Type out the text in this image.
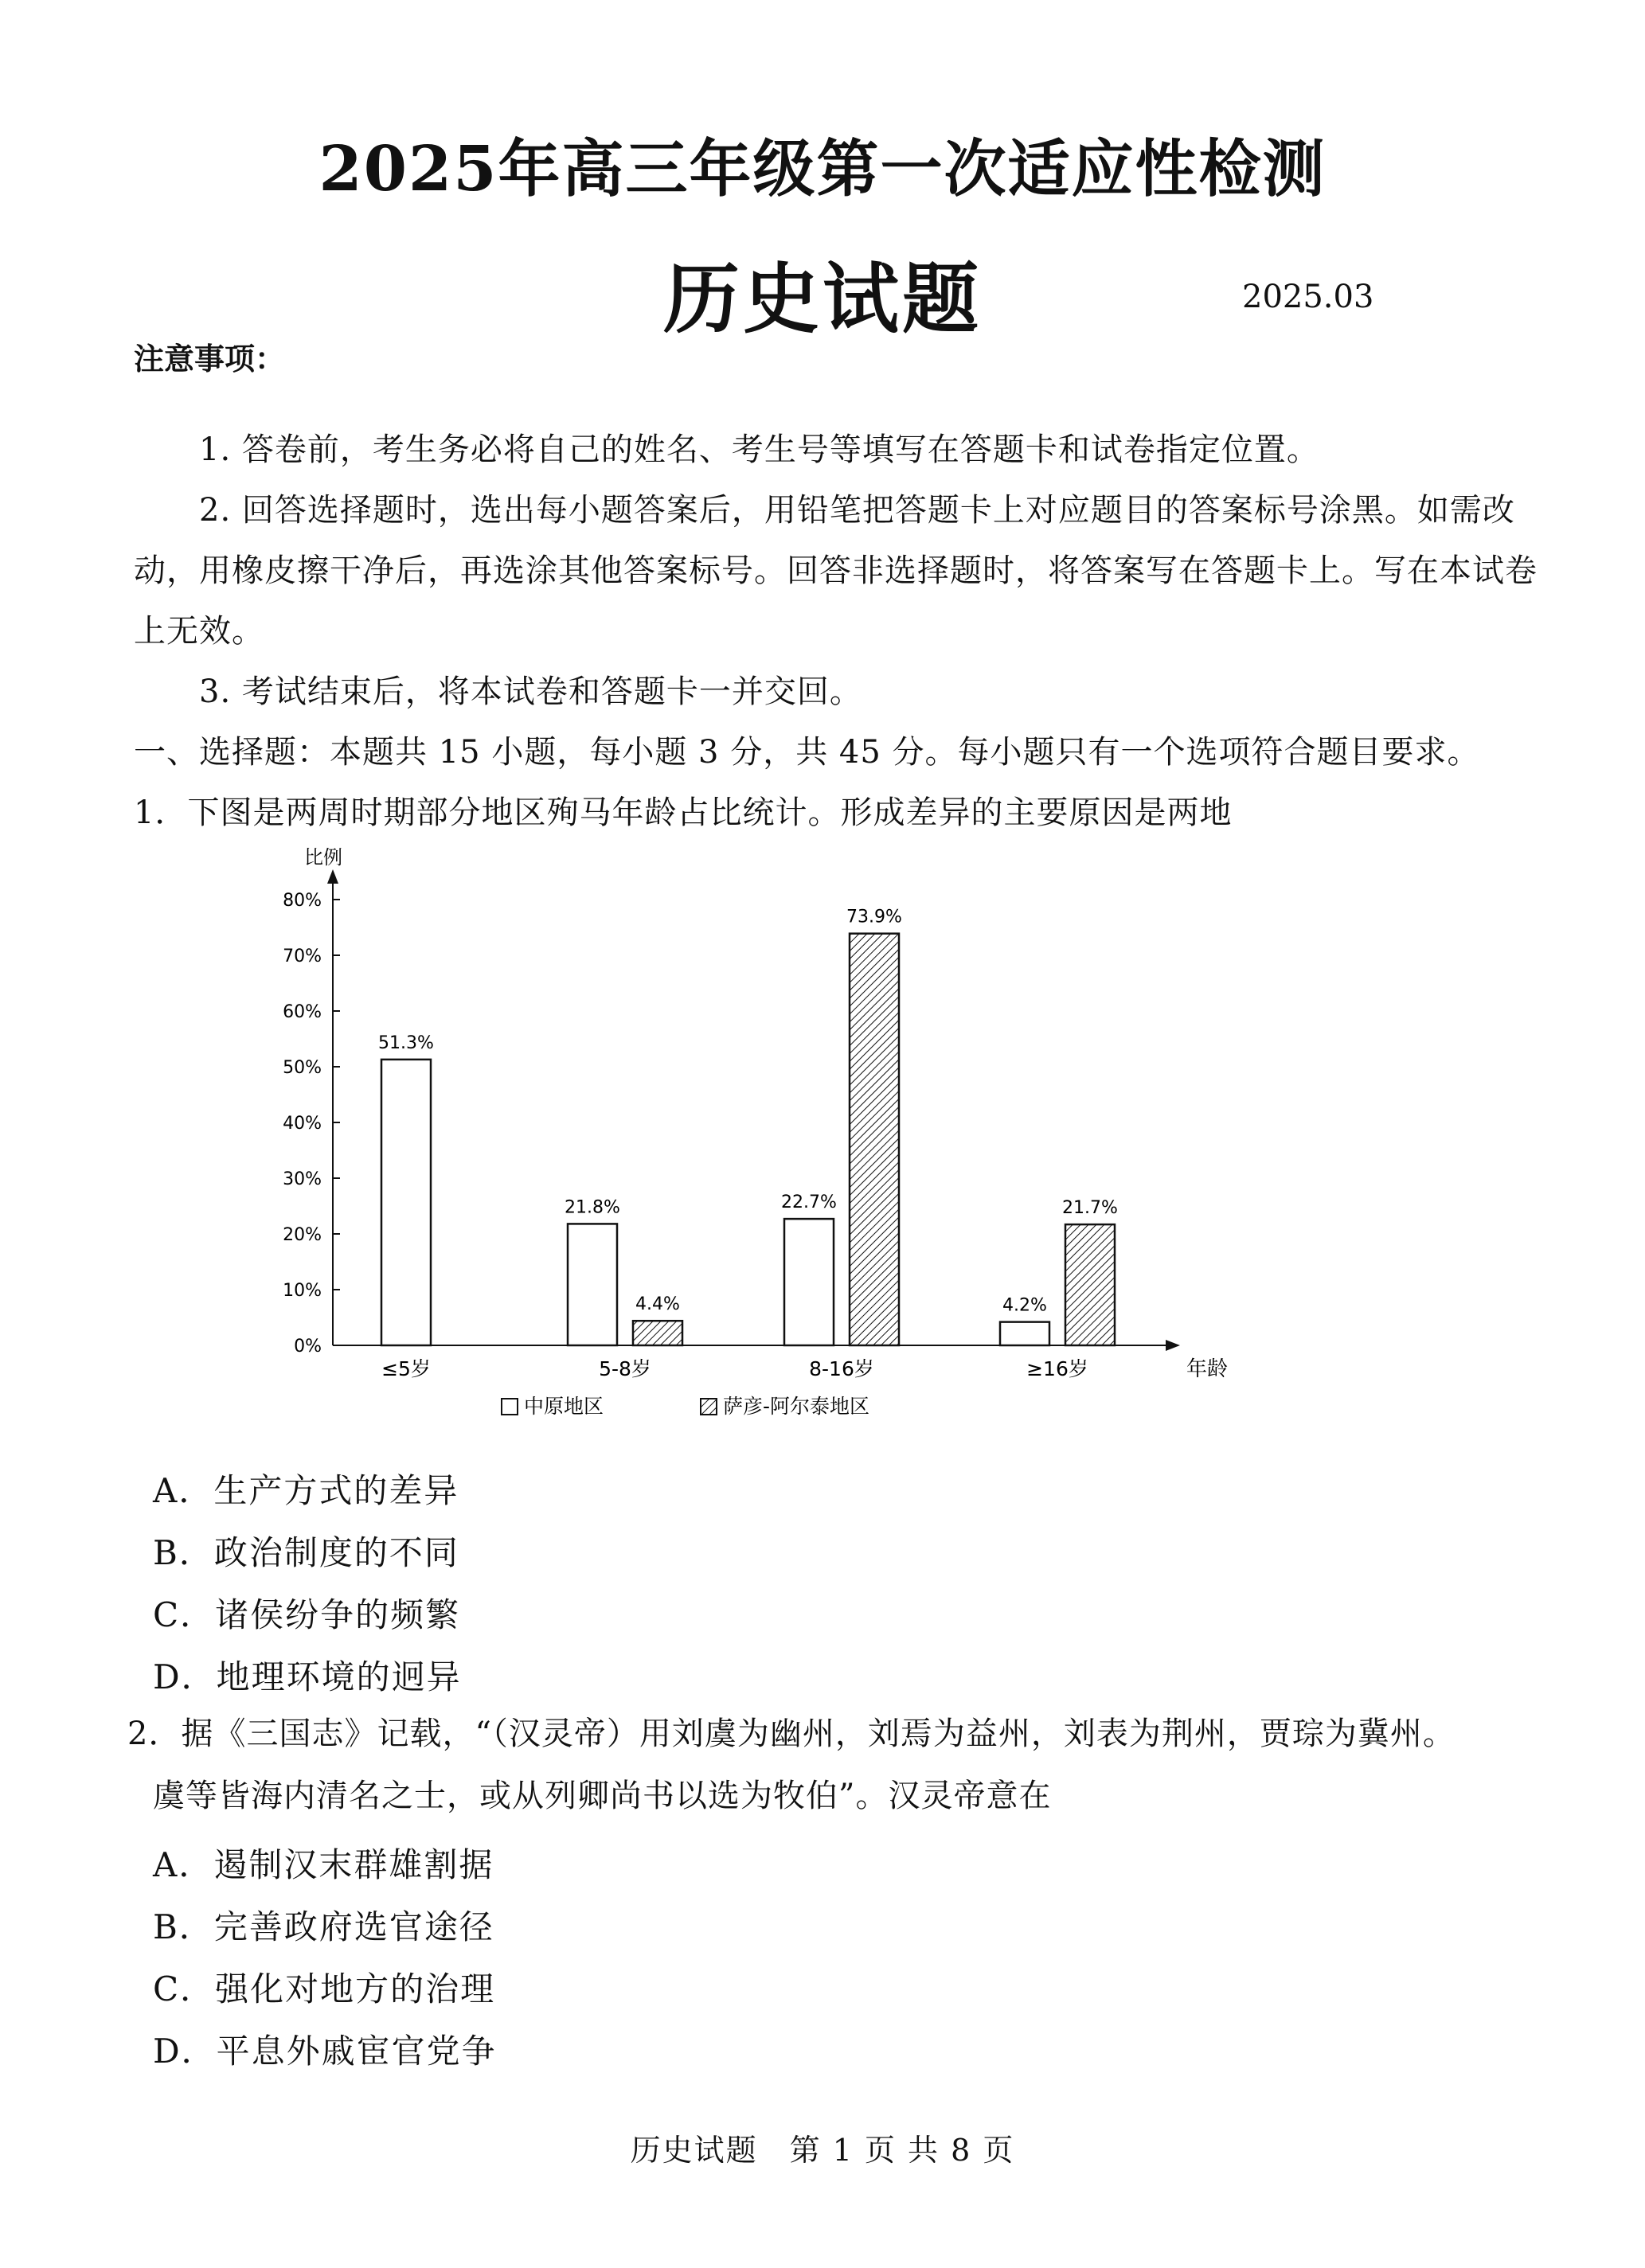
2025年高三年级第一次适应性检测
历史试题	2025.03
注意事项：
1. 答卷前，考生务必将自己的姓名、考生号等填写在答题卡和试卷指定位置。
2. 回答选择题时，选出每小题答案后，用铅笔把答题卡上对应题目的答案标号涂黑。如需改
动，用橡皮擦干净后，再选涂其他答案标号。回答非选择题时，将答案写在答题卡上。写在本试卷
上无效。
3. 考试结束后，将本试卷和答题卡一并交回。
一、选择题：本题共 15 小题，每小题 3 分，共 45 分。每小题只有一个选项符合题目要求。
1．下图是两周时期部分地区殉马年龄占比统计。形成差异的主要原因是两地
比例
年龄
0%
10%
20%
30%
40%
50%
60%
70%
80%
≤5岁
51.3%
5-8岁
21.8%
4.4%
8-16岁
22.7%
73.9%
≥16岁
4.2%
21.7%
中原地区	萨彦-阿尔泰地区
A．生产方式的差异
B．政治制度的不同
C．诸侯纷争的频繁
D．地理环境的迥异
2．据《三国志》记载，“（汉灵帝）用刘虞为幽州，刘焉为益州，刘表为荆州，贾琮为冀州。
虞等皆海内清名之士，或从列卿尚书以选为牧伯”。汉灵帝意在
A．遏制汉末群雄割据
B．完善政府选官途径
C．强化对地方的治理
D．平息外戚宦官党争
历史试题　第 1 页 共 8 页
